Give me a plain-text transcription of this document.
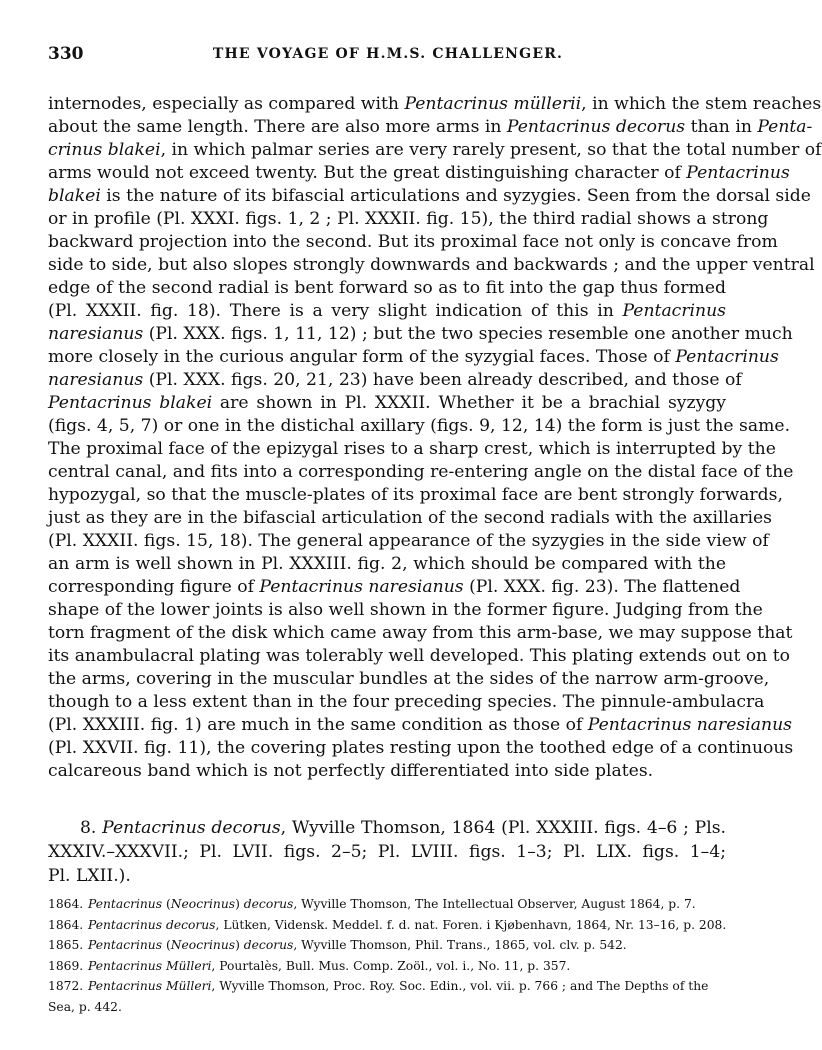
330	THE VOYAGE OF H.M.S. CHALLENGER.
internodes, especially as compared with Pentacrinus müllerii, in which the stem reaches
about the same length. There are also more arms in Pentacrinus decorus than in Penta-
crinus blakei, in which palmar series are very rarely present, so that the total number of
arms would not exceed twenty. But the great distinguishing character of Pentacrinus
blakei is the nature of its bifascial articulations and syzygies. Seen from the dorsal side
or in profile (Pl. XXXI. figs. 1, 2 ; Pl. XXXII. fig. 15), the third radial shows a strong
backward projection into the second. But its proximal face not only is concave from
side to side, but also slopes strongly downwards and backwards ; and the upper ventral
edge of the second radial is bent forward so as to fit into the gap thus formed
(Pl. XXXII. fig. 18). There is a very slight indication of this in Pentacrinus
naresianus (Pl. XXX. figs. 1, 11, 12) ; but the two species resemble one another much
more closely in the curious angular form of the syzygial faces. Those of Pentacrinus
naresianus (Pl. XXX. figs. 20, 21, 23) have been already described, and those of
Pentacrinus blakei are shown in Pl. XXXII. Whether it be a brachial syzygy
(figs. 4, 5, 7) or one in the distichal axillary (figs. 9, 12, 14) the form is just the same.
The proximal face of the epizygal rises to a sharp crest, which is interrupted by the
central canal, and fits into a corresponding re-entering angle on the distal face of the
hypozygal, so that the muscle-plates of its proximal face are bent strongly forwards,
just as they are in the bifascial articulation of the second radials with the axillaries
(Pl. XXXII. figs. 15, 18). The general appearance of the syzygies in the side view of
an arm is well shown in Pl. XXXIII. fig. 2, which should be compared with the
corresponding figure of Pentacrinus naresianus (Pl. XXX. fig. 23). The flattened
shape of the lower joints is also well shown in the former figure. Judging from the
torn fragment of the disk which came away from this arm-base, we may suppose that
its anambulacral plating was tolerably well developed. This plating extends out on to
the arms, covering in the muscular bundles at the sides of the narrow arm-groove,
though to a less extent than in the four preceding species. The pinnule-ambulacra
(Pl. XXXIII. fig. 1) are much in the same condition as those of Pentacrinus naresianus
(Pl. XXVII. fig. 11), the covering plates resting upon the toothed edge of a continuous
calcareous band which is not perfectly differentiated into side plates.
8. Pentacrinus decorus, Wyville Thomson, 1864 (Pl. XXXIII. figs. 4–6 ; Pls.
XXXIV.–XXXVII.; Pl. LVII. figs. 2–5; Pl. LVIII. figs. 1–3; Pl. LIX. figs. 1–4;
Pl. LXII.).
1864. Pentacrinus (Neocrinus) decorus, Wyville Thomson, The Intellectual Observer, August 1864, p. 7.
1864. Pentacrinus decorus, Lütken, Vidensk. Meddel. f. d. nat. Foren. i Kjøbenhavn, 1864, Nr. 13–16, p. 208.
1865. Pentacrinus (Neocrinus) decorus, Wyville Thomson, Phil. Trans., 1865, vol. clv. p. 542.
1869. Pentacrinus Mülleri, Pourtalès, Bull. Mus. Comp. Zoöl., vol. i., No. 11, p. 357.
1872. Pentacrinus Mülleri, Wyville Thomson, Proc. Roy. Soc. Edin., vol. vii. p. 766 ; and The Depths of the
Sea, p. 442.
